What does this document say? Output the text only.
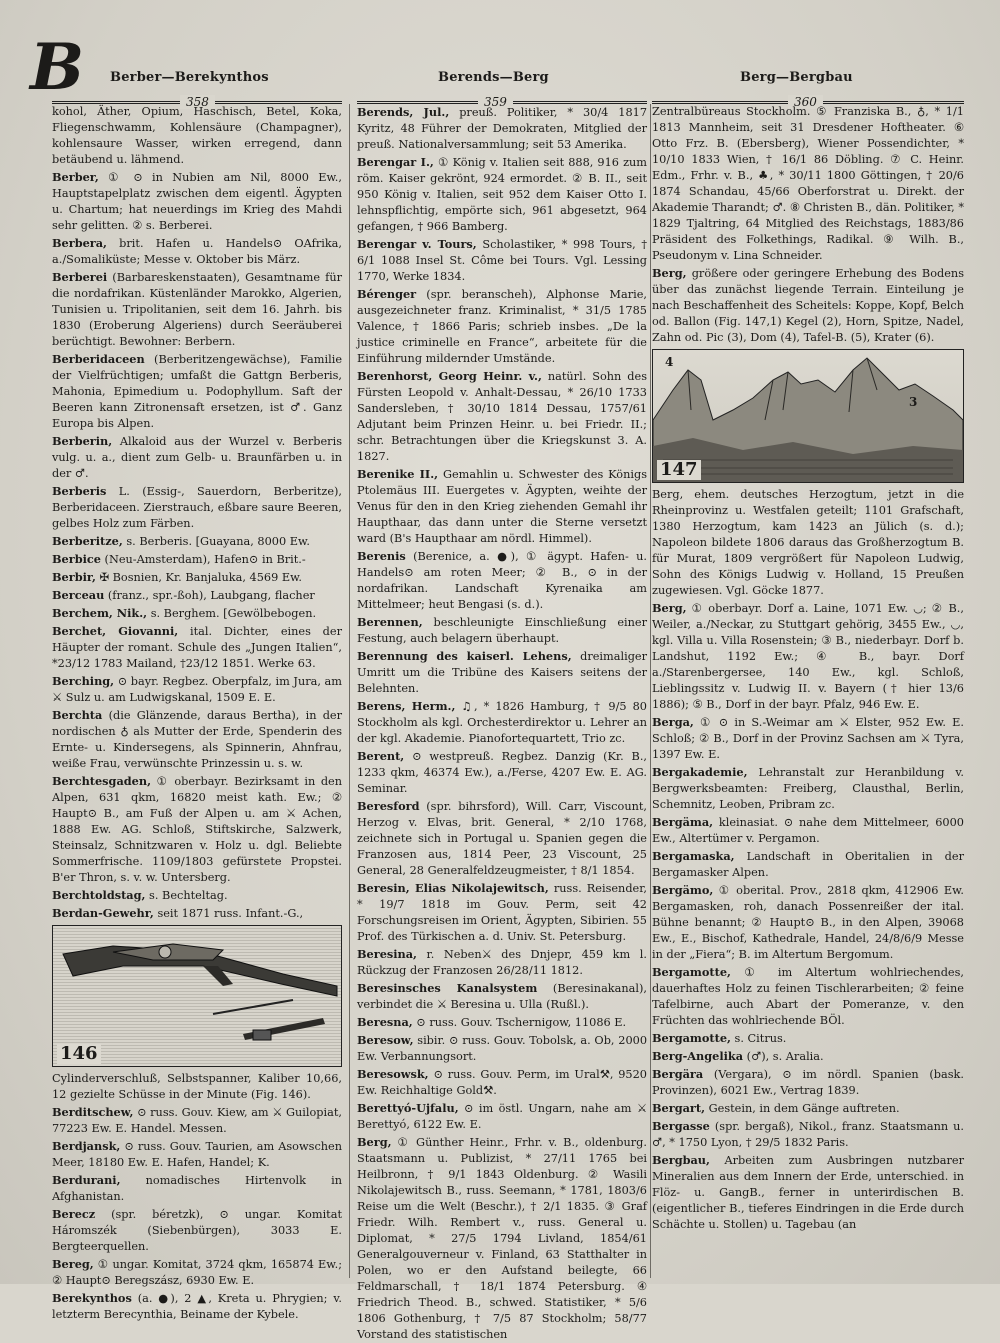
B Berber—Berekynthos	Berends—Berg	Berg—Bergbau
358	359	360

kohol, Äther, Opium, Haschisch, Betel, Koka, Fliegenschwamm, Kohlensäure (Champagner), kohlensaure Wasser, wirken erregend, dann betäubend u. lähmend.

Berber, ① ⊙ in Nubien am Nil, 8000 Ew., Hauptstapelplatz zwischen dem eigentl. Ägypten u. Chartum; hat neuerdings im Krieg des Mahdi sehr gelitten. ② s. Berberei.

Berbera, brit. Hafen u. Handels⊙ OAfrika, a./Somaliküste; Messe v. Oktober bis März.

Berberei (Barbareskenstaaten), Gesamtname für die nordafrikan. Küstenländer Marokko, Algerien, Tunisien u. Tripolitanien, seit dem 16. Jahrh. bis 1830 (Eroberung Algeriens) durch Seeräuberei berüchtigt. Bewohner: Berbern.

Berberidaceen (Berberitzengewächse), Familie der Vielfrüchtigen; umfaßt die Gattgn Berberis, Mahonia, Epimedium u. Podophyllum. Saft der Beeren kann Zitronensaft ersetzen, ist ♂. Ganz Europa bis Alpen.

Berberin, Alkaloid aus der Wurzel v. Berberis vulg. u. a., dient zum Gelb- u. Braunfärben u. in der ♂.

Berberis L. (Essig-, Sauerdorn, Berberitze), Berberidaceen. Zierstrauch, eßbare saure Beeren, gelbes Holz zum Färben.

Berberitze, s. Berberis. [Guayana, 8000 Ew.

Berbice (Neu-Amsterdam), Hafen⊙ in Brit.-

Berbir, ✠ Bosnien, Kr. Banjaluka, 4569 Ew.

Berceau (franz., spr.-ßoh), Laubgang, flacher

Berchem, Nik., s. Berghem. [Gewölbebogen.

Berchet, Giovanni, ital. Dichter, eines der Häupter der romant. Schule des „Jungen Italien“, *23/12 1783 Mailand, †23/12 1851. Werke 63.

Berching, ⊙ bayr. Regbez. Oberpfalz, im Jura, am ⚔ Sulz u. am Ludwigskanal, 1509 E. E.

Berchta (die Glänzende, daraus Bertha), in der nordischen ♁ als Mutter der Erde, Spenderin des Ernte- u. Kindersegens, als Spinnerin, Ahnfrau, weiße Frau, verwünschte Prinzessin u. s. w.

Berchtesgaden, ① oberbayr. Bezirksamt in den Alpen, 631 qkm, 16820 meist kath. Ew.; ② Haupt⊙ B., am Fuß der Alpen u. am ⚔ Achen, 1888 Ew. AG. Schloß, Stiftskirche, Salzwerk, Steinsalz, Schnitzwaren v. Holz u. dgl. Beliebte Sommerfrische. 1109/1803 gefürstete Propstei. B'er Thron, s. v. w. Untersberg.

Berchtoldstag, s. Bechteltag.

Berdan-Gewehr, seit 1871 russ. Infant.-G.,

146

Cylinderverschluß, Selbstspanner, Kaliber 10,66, 12 gezielte Schüsse in der Minute (Fig. 146).

Berditschew, ⊙ russ. Gouv. Kiew, am ⚔ Guilopiat, 77223 Ew. E. Handel. Messen.

Berdjansk, ⊙ russ. Gouv. Taurien, am Asowschen Meer, 18180 Ew. E. Hafen, Handel; K.

Berdurani, nomadisches Hirtenvolk in Afghanistan.

Berecz (spr. béretzk), ⊙ ungar. Komitat Háromszék (Siebenbürgen), 3033 E. Bergteerquellen.

Bereg, ① ungar. Komitat, 3724 qkm, 165874 Ew.; ② Haupt⊙ Beregszász, 6930 Ew. E.

Berekynthos (a. ●), 2 ▲, Kreta u. Phrygien; v. letzterm Berecynthia, Beiname der Kybele.

Berends, Jul., preuß. Politiker, * 30/4 1817 Kyritz, 48 Führer der Demokraten, Mitglied der preuß. Nationalversammlung; seit 53 Amerika.

Berengar I., ① König v. Italien seit 888, 916 zum röm. Kaiser gekrönt, 924 ermordet. ② B. II., seit 950 König v. Italien, seit 952 dem Kaiser Otto I. lehnspflichtig, empörte sich, 961 abgesetzt, 964 gefangen, † 966 Bamberg.

Berengar v. Tours, Scholastiker, * 998 Tours, † 6/1 1088 Insel St. Côme bei Tours. Vgl. Lessing 1770, Werke 1834.

Bérenger (spr. beranscheh), Alphonse Marie, ausgezeichneter franz. Kriminalist, * 31/5 1785 Valence, † 1866 Paris; schrieb insbes. „De la justice criminelle en France“, arbeitete für die Einführung mildernder Umstände.

Berenhorst, Georg Heinr. v., natürl. Sohn des Fürsten Leopold v. Anhalt-Dessau, * 26/10 1733 Sandersleben, † 30/10 1814 Dessau, 1757/61 Adjutant beim Prinzen Heinr. u. bei Friedr. II.; schr. Betrachtungen über die Kriegskunst 3. A. 1827.

Berenike II., Gemahlin u. Schwester des Königs Ptolemäus III. Euergetes v. Ägypten, weihte der Venus für den in den Krieg ziehenden Gemahl ihr Haupthaar, das dann unter die Sterne versetzt ward (B's Haupthaar am nördl. Himmel).

Berenis (Berenice, a. ●), ① ägypt. Hafen- u. Handels⊙ am roten Meer; ② B., ⊙ in der nordafrikan. Landschaft Kyrenaika am Mittelmeer; heut Bengasi (s. d.).

Berennen, beschleunigte Einschließung einer Festung, auch belagern überhaupt.

Berennung des kaiserl. Lehens, dreimaliger Umritt um die Tribüne des Kaisers seitens der Belehnten.

Berens, Herm., ♫, * 1826 Hamburg, † 9/5 80 Stockholm als kgl. Orchesterdirektor u. Lehrer an der kgl. Akademie. Pianofortequartett, Trio zc.

Berent, ⊙ westpreuß. Regbez. Danzig (Kr. B., 1233 qkm, 46374 Ew.), a./Ferse, 4207 Ew. E. AG. Seminar.

Beresford (spr. bihrsford), Will. Carr, Viscount, Herzog v. Elvas, brit. General, * 2/10 1768, zeichnete sich in Portugal u. Spanien gegen die Franzosen aus, 1814 Peer, 23 Viscount, 25 General, 28 Generalfeldzeugmeister, † 8/1 1854.

Beresin, Elias Nikolajewitsch, russ. Reisender, * 19/7 1818 im Gouv. Perm, seit 42 Forschungsreisen im Orient, Ägypten, Sibirien. 55 Prof. des Türkischen a. d. Univ. St. Petersburg.

Beresina, r. Neben⚔ des Dnjepr, 459 km l. Rückzug der Franzosen 26/28/11 1812.

Beresinsches Kanalsystem (Beresinakanal), verbindet die ⚔ Beresina u. Ulla (Rußl.).

Beresna, ⊙ russ. Gouv. Tschernigow, 11086 E.

Beresow, sibir. ⊙ russ. Gouv. Tobolsk, a. Ob, 2000 Ew. Verbannungsort.

Beresowsk, ⊙ russ. Gouv. Perm, im Ural⚒, 9520 Ew. Reichhaltige Gold⚒.

Berettyó-Ujfalu, ⊙ im östl. Ungarn, nahe am ⚔ Berettyó, 6122 Ew. E.

Berg, ① Günther Heinr., Frhr. v. B., oldenburg. Staatsmann u. Publizist, * 27/11 1765 bei Heilbronn, † 9/1 1843 Oldenburg. ② Wasili Nikolajewitsch B., russ. Seemann, * 1781, 1803/6 Reise um die Welt (Beschr.), † 2/1 1835. ③ Graf Friedr. Wilh. Rembert v., russ. General u. Diplomat, * 27/5 1794 Livland, 1854/61 Generalgouverneur v. Finland, 63 Statthalter in Polen, wo er den Aufstand beilegte, 66 Feldmarschall, † 18/1 1874 Petersburg. ④ Friedrich Theod. B., schwed. Statistiker, * 5/6 1806 Gothenburg, † 7/5 87 Stockholm; 58/77 Vorstand des statistischen

Zentralbüreaus Stockholm. ⑤ Franziska B., ♁, * 1/1 1813 Mannheim, seit 31 Dresdener Hoftheater. ⑥ Otto Frz. B. (Ebersberg), Wiener Possendichter, * 10/10 1833 Wien, † 16/1 86 Döbling. ⑦ C. Heinr. Edm., Frhr. v. B., ♣, * 30/11 1800 Göttingen, † 20/6 1874 Schandau, 45/66 Oberforstrat u. Direkt. der Akademie Tharandt; ♂. ⑧ Christen B., dän. Politiker, * 1829 Tjaltring, 64 Mitglied des Reichstags, 1883/86 Präsident des Folkethings, Radikal. ⑨ Wilh. B., Pseudonym v. Lina Schneider.

Berg, größere oder geringere Erhebung des Bodens über das zunächst liegende Terrain. Einteilung je nach Beschaffenheit des Scheitels: Koppe, Kopf, Belch od. Ballon (Fig. 147,1) Kegel (2), Horn, Spitze, Nadel, Zahn od. Pic (3), Dom (4), Tafel-B. (5), Krater (6).

4
3
147

Berg, ehem. deutsches Herzogtum, jetzt in die Rheinprovinz u. Westfalen geteilt; 1101 Grafschaft, 1380 Herzogtum, kam 1423 an Jülich (s. d.); Napoleon bildete 1806 daraus das Großherzogtum B. für Murat, 1809 vergrößert für Napoleon Ludwig, Sohn des Königs Ludwig v. Holland, 15 Preußen zugewiesen. Vgl. Göcke 1877.

Berg, ① oberbayr. Dorf a. Laine, 1071 Ew. ◡; ② B., Weiler, a./Neckar, zu Stuttgart gehörig, 3455 Ew., ◡, kgl. Villa u. Villa Rosenstein; ③ B., niederbayr. Dorf b. Landshut, 1192 Ew.; ④ B., bayr. Dorf a./Starenbergersee, 140 Ew., kgl. Schloß, Lieblingssitz v. Ludwig II. v. Bayern († hier 13/6 1886); ⑤ B., Dorf in der bayr. Pfalz, 946 Ew. E.

Berga, ① ⊙ in S.-Weimar am ⚔ Elster, 952 Ew. E. Schloß; ② B., Dorf in der Provinz Sachsen am ⚔ Tyra, 1397 Ew. E.

Bergakademie, Lehranstalt zur Heranbildung v. Bergwerksbeamten: Freiberg, Clausthal, Berlin, Schemnitz, Leoben, Pribram zc.

Bergäma, kleinasiat. ⊙ nahe dem Mittelmeer, 6000 Ew., Altertümer v. Pergamon.

Bergamaska, Landschaft in Oberitalien in der Bergamasker Alpen.

Bergämo, ① oberital. Prov., 2818 qkm, 412906 Ew. Bergamasken, roh, danach Possenreißer der ital. Bühne benannt; ② Haupt⊙ B., in den Alpen, 39068 Ew., E., Bischof, Kathedrale, Handel, 24/8/6/9 Messe in der „Fiera“; B. im Altertum Bergomum.

Bergamotte, ① im Altertum wohlriechendes, dauerhaftes Holz zu feinen Tischlerarbeiten; ② feine Tafelbirne, auch Abart der Pomeranze, v. den Früchten das wohlriechende BÖl.

Bergamotte, s. Citrus.

Berg-Angelika (♂), s. Aralia.

Bergära (Vergara), ⊙ im nördl. Spanien (bask. Provinzen), 6021 Ew., Vertrag 1839.

Bergart, Gestein, in dem Gänge auftreten.

Bergasse (spr. bergaß), Nikol., franz. Staatsmann u. ♂, * 1750 Lyon, † 29/5 1832 Paris.

Bergbau, Arbeiten zum Ausbringen nutzbarer Mineralien aus dem Innern der Erde, unterschied. in Flöz- u. GangB., ferner in unterirdischen B. (eigentlicher B., tieferes Eindringen in die Erde durch Schächte u. Stollen) u. Tagebau (an
